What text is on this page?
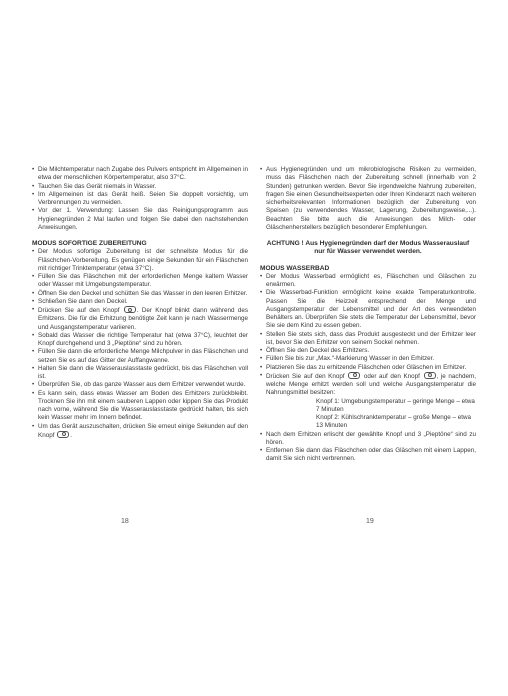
• Die Milchtemperatur nach Zugabe des Pulvers entspricht im Allgemeinen in etwa der menschlichen Körpertemperatur, also 37°C.
• Tauchen Sie das Gerät niemals in Wasser.
• Im Allgemeinen ist das Gerät heiß. Seien Sie doppelt vorsichtig, um Verbrennungen zu vermeiden.
• Vor der 1. Verwendung: Lassen Sie das Reinigungsprogramm aus Hygienegründen 2 Mal laufen und folgen Sie dabei den nachstehenden Anweisungen.
MODUS SOFORTIGE ZUBEREITUNG
• Der Modus sofortige Zubereitung ist der schnellste Modus für die Fläschchen-Vorbereitung. Es genügen einige Sekunden für ein Fläschchen mit richtiger Trinktemperatur (etwa 37°C).
• Füllen Sie das Fläschchen mit der erforderlichen Menge kaltem Wasser oder Wasser mit Umgebungstemperatur.
• Öffnen Sie den Deckel und schütten Sie das Wasser in den leeren Erhitzer.
• Schließen Sie dann den Deckel.
• Drücken Sie auf den Knopf	. Der Knopf blinkt dann während des Erhitzens. Die für die Erhitzung benötigte Zeit kann je nach Wassermenge und Ausgangstemperatur variieren.
• Sobald das Wasser die richtige Temperatur hat (etwa 37°C), leuchtet der Knopf durchgehend und 3 „Pieptöne“ sind zu hören.
• Füllen Sie dann die erforderliche Menge Milchpulver in das Fläschchen und setzen Sie es auf das Gitter der Auffangwanne.
• Halten Sie dann die Wasserauslasstaste gedrückt, bis das Fläschchen voll ist.
• Überprüfen Sie, ob das ganze Wasser aus dem Erhitzer verwendet wurde.
• Es kann sein, dass etwas Wasser am Boden des Erhitzers zurückbleibt. Trocknen Sie ihn mit einem sauberen Lappen oder kippen Sie das Produkt nach vorne, während Sie die Wasserauslasstaste gedrückt halten, bis sich kein Wasser mehr im Innern befindet.
• Um das Gerät auszuschalten, drücken Sie erneut einige Sekunden auf den Knopf	.
• Aus Hygienegründen und um mikrobiologische Risiken zu vermeiden, muss das Fläschchen nach der Zubereitung schnell (innerhalb von 2 Stunden) getrunken werden. Bevor Sie irgendwelche Nahrung zubereiten, fragen Sie einen Gesundheitsexperten oder Ihren Kinderarzt nach weiteren sicherheitsrelevanten Informationen bezüglich der Zubereitung von Speisen (zu verwendendes Wasser, Lagerung, Zubereitungsweise,...). Beachten Sie bitte auch die Anweisungen des Milch- oder Gläschenherstellers bezüglich besonderer Empfehlungen.
ACHTUNG ! Aus Hygienegründen darf der Modus Wasserauslauf
nur für Wasser verwendet werden.
MODUS WASSERBAD
• Der Modus Wasserbad ermöglicht es, Fläschchen und Gläschen zu erwärmen.
• Die Wasserbad-Funktion ermöglicht keine exakte Temperaturkontrolle. Passen Sie die Heizzeit entsprechend der Menge und Ausgangstemperatur der Lebensmittel und der Art des verwendeten Behälters an. Überprüfen Sie stets die Temperatur der Lebensmittel, bevor Sie sie dem Kind zu essen geben.
• Stellen Sie stets sich, dass das Produkt ausgesteckt und der Erhitzer leer ist, bevor Sie den Erhitzer von seinem Sockel nehmen.
• Öffnen Sie den Deckel des Erhitzers.
• Füllen Sie bis zur „Max.“-Markierung Wasser in den Erhitzer.
• Platzieren Sie das zu erhitzende Fläschchen oder Gläschen im Erhitzer.
• Drücken Sie auf den Knopf	oder auf den Knopf	, je nachdem, welche Menge erhitzt werden soll und welche Ausgangstemperatur die Nahrungsmittel besitzen:
Knopf 1: Umgebungstemperatur – geringe Menge – etwa 7 Minuten
Knopf 2: Kühlschranktemperatur – große Menge – etwa 13 Minuten
• Nach dem Erhitzen erlischt der gewählte Knopf und 3 „Pieptöne“ sind zu hören.
• Entfernen Sie dann das Fläschchen oder das Gläschen mit einem Lappen, damit Sie sich nicht verbrennen.
18	19
